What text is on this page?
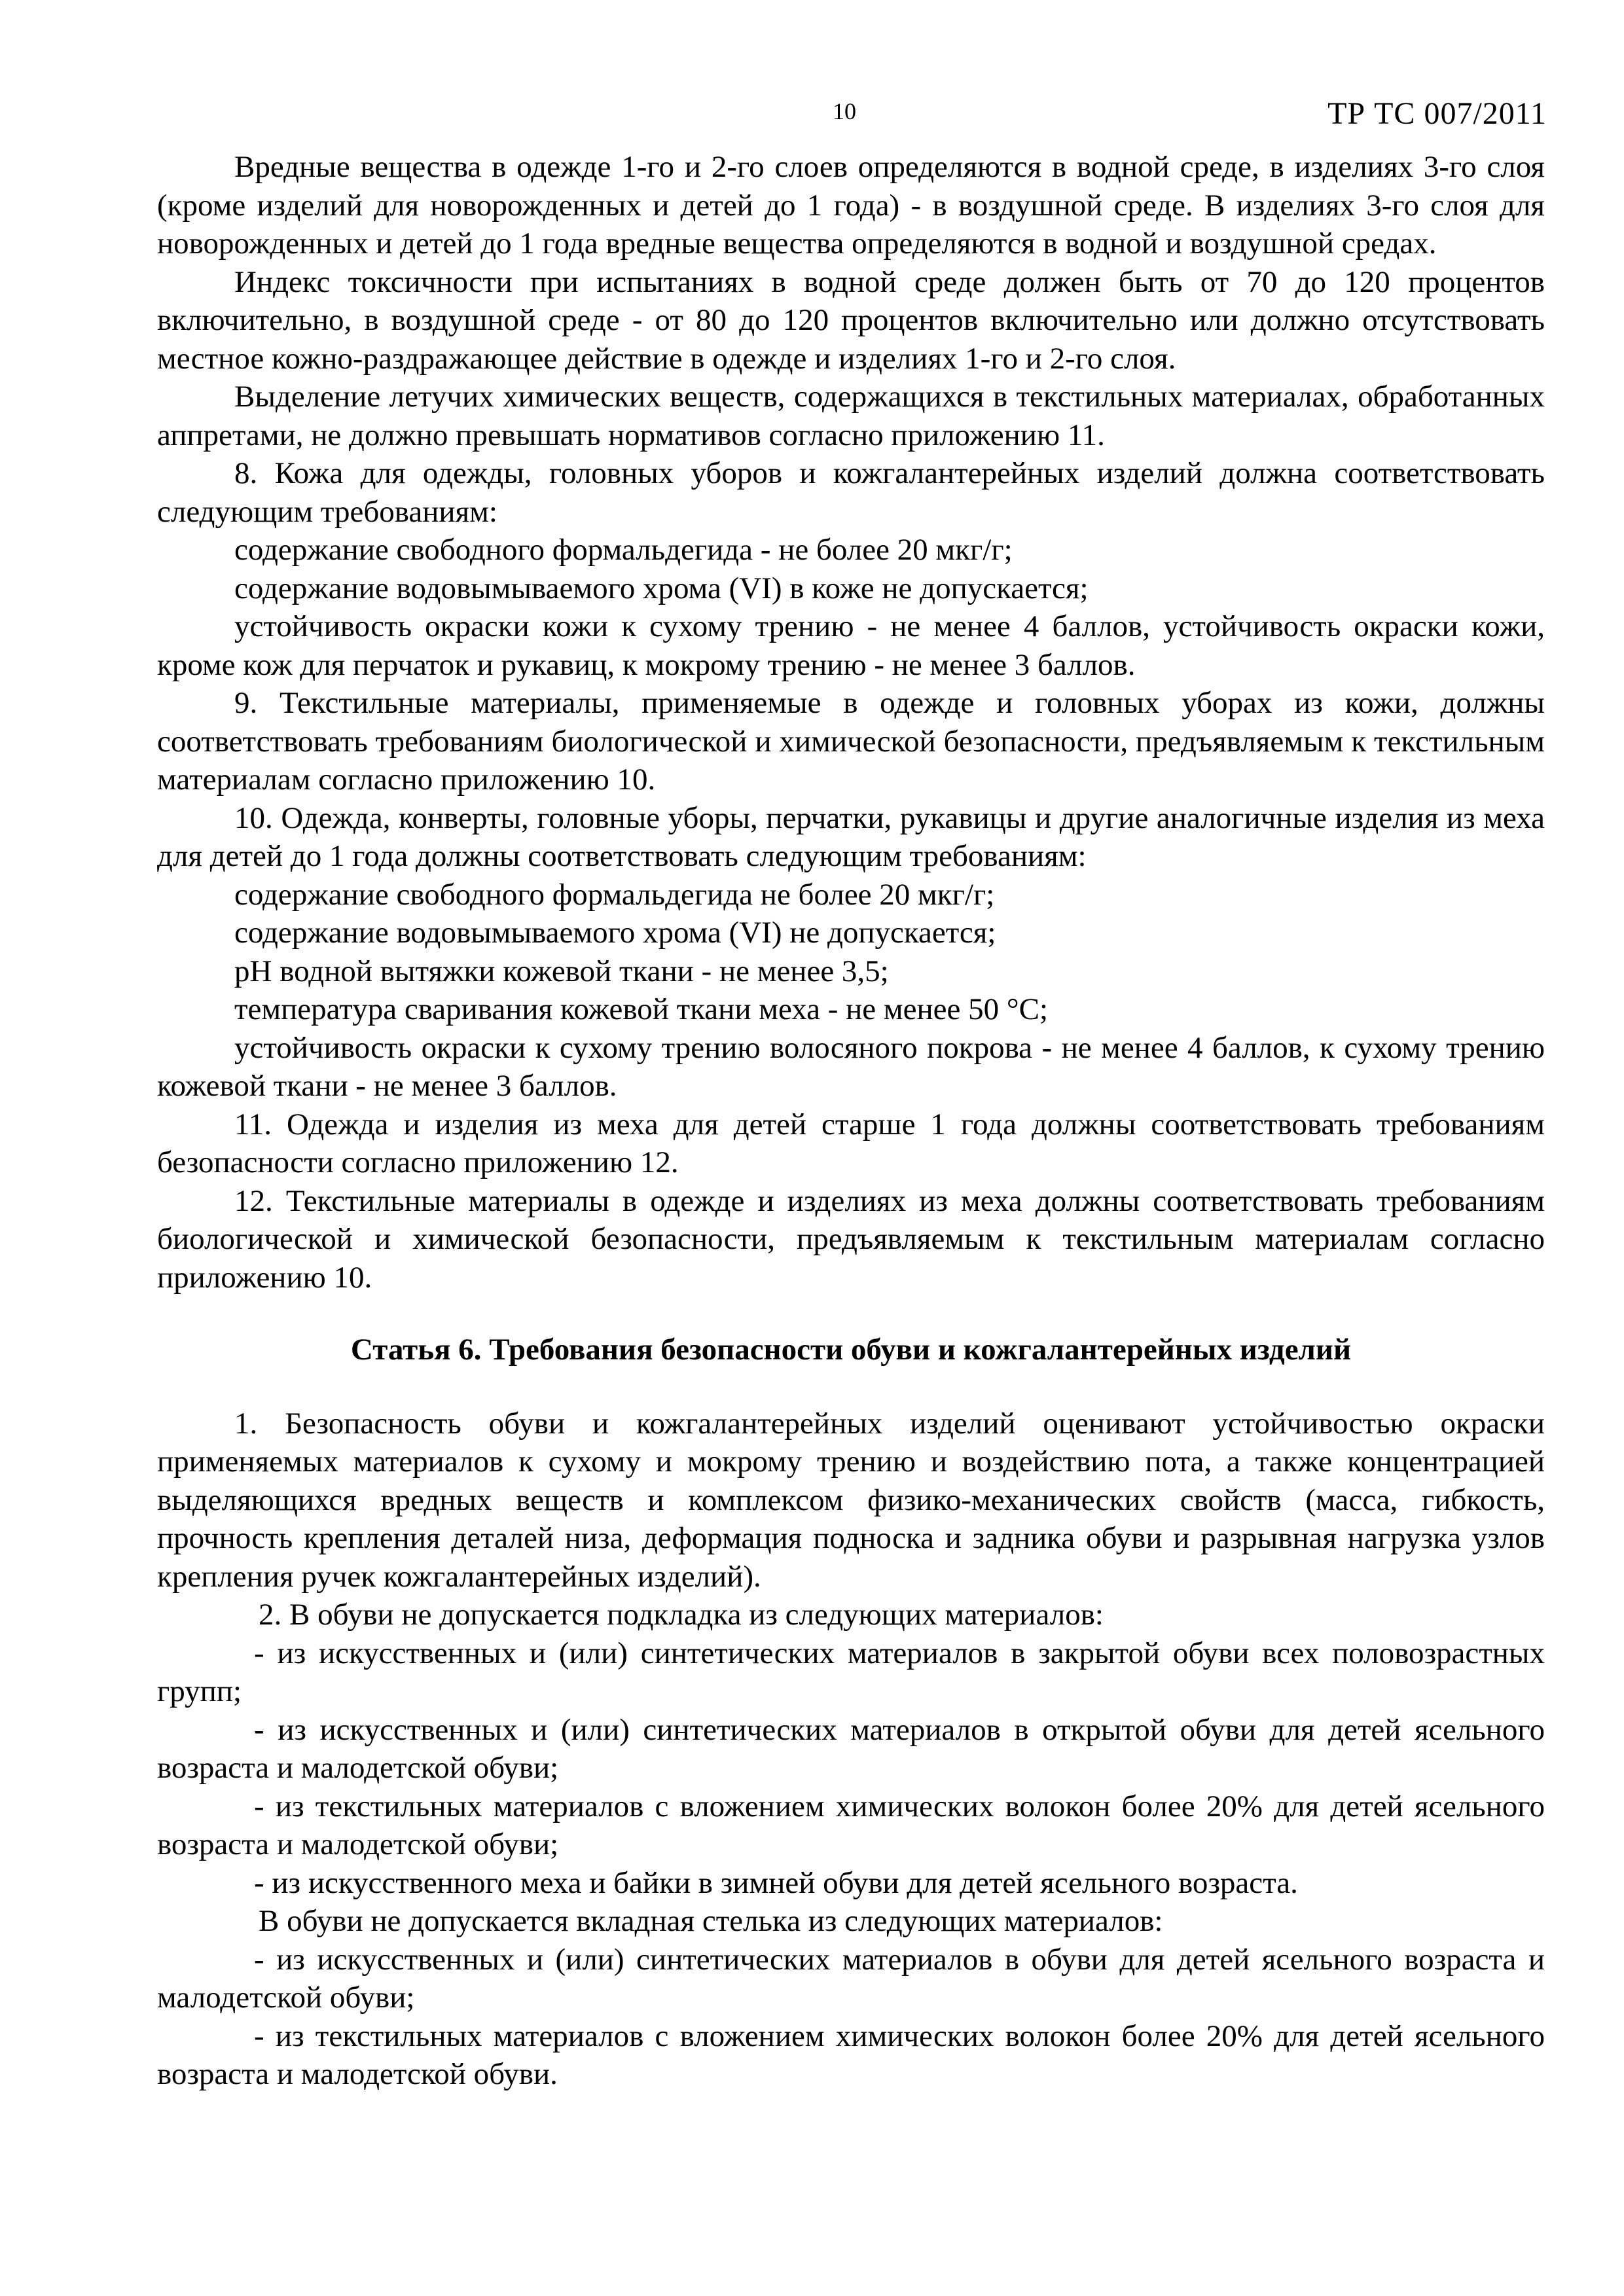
10	ТР ТС 007/2011

Вредные вещества в одежде 1-го и 2-го слоев определяются в водной среде, в изделиях 3-го слоя (кроме изделий для новорожденных и детей до 1 года) - в воздушной среде. В изделиях 3-го слоя для новорожденных и детей до 1 года вредные вещества определяются в водной и воздушной средах.

Индекс токсичности при испытаниях в водной среде должен быть от 70 до 120 процентов включительно, в воздушной среде - от 80 до 120 процентов включительно или должно отсутствовать местное кожно-раздражающее действие в одежде и изделиях 1-го и 2-го слоя.

Выделение летучих химических веществ, содержащихся в текстильных материалах, обработанных аппретами, не должно превышать нормативов согласно приложению 11.

8. Кожа для одежды, головных уборов и кожгалантерейных изделий должна соответствовать следующим требованиям:

содержание свободного формальдегида - не более 20 мкг/г;

содержание водовымываемого хрома (VI) в коже не допускается;

устойчивость окраски кожи к сухому трению - не менее 4 баллов, устойчивость окраски кожи, кроме кож для перчаток и рукавиц, к мокрому трению - не менее 3 баллов.

9. Текстильные материалы, применяемые в одежде и головных уборах из кожи, должны соответствовать требованиям биологической и химической безопасности, предъявляемым к текстильным материалам согласно приложению 10.

10. Одежда, конверты, головные уборы, перчатки, рукавицы и другие аналогичные изделия из меха для детей до 1 года должны соответствовать следующим требованиям:

содержание свободного формальдегида не более 20 мкг/г;

содержание водовымываемого хрома (VI) не допускается;

pH водной вытяжки кожевой ткани - не менее 3,5;

температура сваривания кожевой ткани меха - не менее 50 °С;

устойчивость окраски к сухому трению волосяного покрова - не менее 4 баллов, к сухому трению кожевой ткани - не менее 3 баллов.

11. Одежда и изделия из меха для детей старше 1 года должны соответствовать требованиям безопасности согласно приложению 12.

12. Текстильные материалы в одежде и изделиях из меха должны соответствовать требованиям биологической и химической безопасности, предъявляемым к текстильным материалам согласно приложению 10.

Статья 6. Требования безопасности обуви и кожгалантерейных изделий

1. Безопасность обуви и кожгалантерейных изделий оценивают устойчивостью окраски применяемых материалов к сухому и мокрому трению и воздействию пота, а также концентрацией выделяющихся вредных веществ и комплексом физико-механических свойств (масса, гибкость, прочность крепления деталей низа, деформация подноска и задника обуви и разрывная нагрузка узлов крепления ручек кожгалантерейных изделий).

2. В обуви не допускается подкладка из следующих материалов:

- из искусственных и (или) синтетических материалов в закрытой обуви всех половозрастных групп;

- из искусственных и (или) синтетических материалов в открытой обуви для детей ясельного возраста и малодетской обуви;

- из текстильных материалов с вложением химических волокон более 20% для детей ясельного возраста и малодетской обуви;

- из искусственного меха и байки в зимней обуви для детей ясельного возраста.

В обуви не допускается вкладная стелька из следующих материалов:

- из искусственных и (или) синтетических материалов в обуви для детей ясельного возраста и малодетской обуви;

- из текстильных материалов с вложением химических волокон более 20% для детей ясельного возраста и малодетской обуви.
